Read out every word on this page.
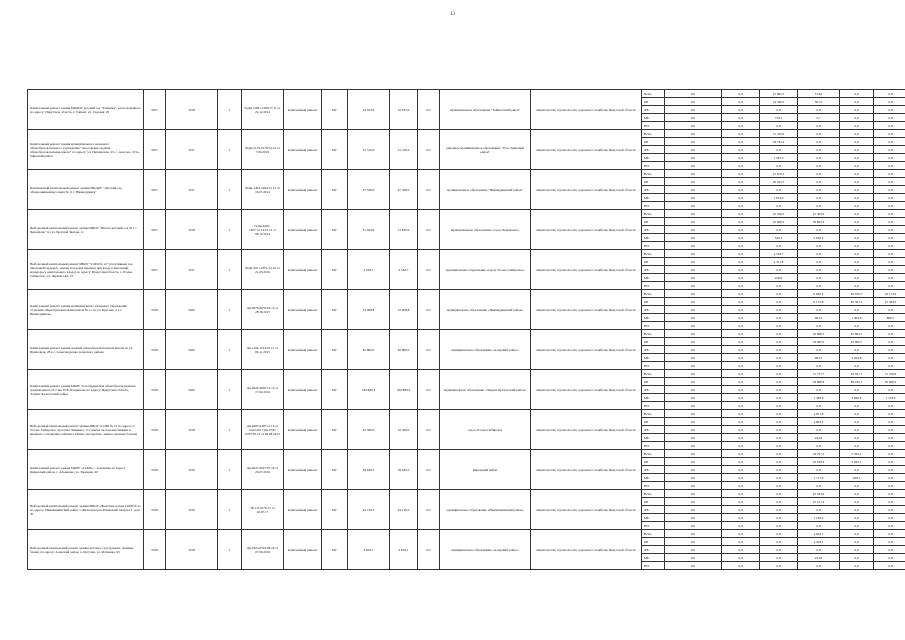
13
Капитальный ремонт здания МКДОУ детский сад "Ромашка", расположенного по адресу: Иркутская область, г. Тайшет, ул. Садовая, 95	2017	2018	х	№Ди-1580э-1580/17.11 от 22.12.2014	капитальный ремонт	МС	19 872,9	16 872,9	0%	муниципальное образование "Тайшетский район"	министерство строительства, дорожного хозяйства Иркутской области	Всего	0,0	0,0	15 691,3	513,0	0,0	0,0
												ОБ	0,0	0,0	14 346,2	507,2	0,0	0,0
												ФБ	0,0	0,0	0,0	0,0	0,0	0,0
												МБ	0,0	0,0	758,1	5,7	0,0	0,0
												ИИ	0,0	0,0	0,0	0,0	0,0	0,0
Капитальный ремонт здания муниципального казенного общеобразовательного учреждения "Аносовская средняя общеобразовательная школа" по адресу: ул. Пионерская, 23, с. Аносово, Усть-Удинский район	2017	2017	х	№Ди-0179-0179/12.12 от 7.06.2016	капитальный ремонт	МС	31 310,9	31 310,9	0%	районное муниципальное образование "Усть-Удинский район"	министерство строительства, дорожного хозяйства Иркутской области	Всего	0,0	0,0	31 310,9	0,0	0,0	0,0
												ОБ	0,0	0,0	29 745,4	0,0	0,0	0,0
												ФБ	0,0	0,0	0,0	0,0	0,0	0,0
												МБ	0,0	0,0	1 565,5	0,0	0,0	0,0
												ИИ	0,0	0,0	0,0	0,0	0,0	0,0
Комплексный капитальный ремонт здания МКДОУ "Детский сад общеразвивающего вида № 11 г. Нижнеудинск"	2017	2017	х	№Ди-1494-1494/12.13 от 16.05.2014	капитальный ремонт	МС	27 528,0	27 528,0	0%	муниципальное образование "Нижнеудинский район"	министерство строительства, дорожного хозяйства Иркутской области	Всего	0,0	0,0	21 679,5	0,0	0,0	0,0
												ОБ	0,0	0,0	20 025,3	0,0	0,0	0,0
												ФБ	0,0	0,0	0,0	0,0	0,0	0,0
												МБ	0,0	0,0	1 654,0	0,0	0,0	0,0
												ИИ	0,0	0,0	0,0	0,0	0,0	0,0
Выборочный капитальный ремонт здания МБОУ "Школа-детский сад № 1 г. Черемхово" по ул. Красной Звезды, 11	2017	2018	х	№Ди-1667-1667/12.14/12.13 от 08.12.2014	капитальный ремонт	МС	51 829,9	51 829,9	0%	муниципальное образование «город Черемхово»	министерство строительства, дорожного хозяйства Иркутской области	Всего	0,0	0,0	10 526,3	41 303,6	0,0	0,0
												ОБ	0,0	0,0	10 000,0	39 803,4	0,0	0,0
												ФБ	0,0	0,0	0,0	0,0	0,0	0,0
												МБ	0,0	0,0	526,3	2 030,2	0,0	0,0
												ИИ	0,0	0,0	0,0	0,0	0,0	0,0
Выборочный капитальный ремонт МБОУ "СОШ № 12" (спортивный зал, школьный гардероб, замена и отделка крыльца при входе в школьный, коридоры у центрального входа) по адресу: Иркутская область, г. Усолье-Сибирское, ул. Лермонтова, 21	2017	2017	х	№Ди-2971-2971/12.16 от 21.03.2016	капитальный ремонт	МС	4 538,7	4 538,7	0%	муниципальное образование «город Усолье-Сибирское»	министерство строительства, дорожного хозяйства Иркутской области	Всего	0,0	0,0	4 538,7	0,0	0,0	0,0
												ОБ	0,0	0,0	4 311,8	0,0	0,0	0,0
												ФБ	0,0	0,0	0,0	0,0	0,0	0,0
												МБ	0,0	0,0	226,9	0,0	0,0	0,0
												ИИ	0,0	0,0	0,0	0,0	0,0	0,0
Капитальный ремонт здания муниципального казенного учреждения «Средняя общеобразовательная школа № 1» по ул. Красная, 2 в г. Нижнеудинске	2018	2020	х	Ди-0976-0976/03.15 от 28.10.2015	капитальный ремонт	МС	53 908,8	53 908,8	0%	муниципальное образование «Нижнеудинский район»	министерство строительства, дорожного хозяйства Иркутской области	Всего	0,0	0,0	0,0	9 660,2	28 070,7	16 173,0
												ОБ	0,0	0,0	0,0	9 172,8	26 567,2	15 364,3
												ФБ	0,0	0,0	0,0	0,0	0,0	0,0
												МБ	0,0	0,0	0,0	482,4	1 403,6	808,7
												ИИ	0,0	0,0	0,0	0,0	0,0	0,0
Капитальный ремонт здания средней общеобразовательной школы по ул. Приходная, 28 в с. Александровка Аларского района	2018	2020	х	Ди-1194-1194/07.15 от 06.11.2015	капитальный ремонт	МС	65 860,0	65 860,0	0%	муниципальное образование «Аларский район»	министерство строительства, дорожного хозяйства Иркутской области	Всего	0,0	0,0	0,0	19 668,5	45 895,5	0,0
												ОБ	0,0	0,0	0,0	18 685,0	43 600,7	0,0
												ФБ	0,0	0,0	0,0	0,0	0,0	0,0
												МБ	0,0	0,0	0,0	983,5	2 294,8	0,0
												ИИ	0,0	0,0	0,0	0,0	0,0	0,0
Капитальный ремонт здания МБОУ Усть-Ордынская общеобразовательная средняя школа № 2 им. Н.В. Балдынова по адресу: Иркутская область, Эхирит-Булагатский район	2018	2020	х	Ди-2820-2820/12.13 от 17.02.2016	капитальный ремонт	МС	186 880,3	186 880,3	0%	муниципальное образование «Эхирит-Булагатский район»	министерство строительства, дорожного хозяйства Иркутской области	Всего	0,0	0,0	0,0	31 777,7	93 931,7	31 578,9
												ОБ	0,0	0,0	0,0	29 888,8	89 235,1	30 000,0
												ФБ	0,0	0,0	0,0	0,0	0,0	0,0
												МБ	0,0	0,0	0,0	1 588,9	4 696,6	1 578,9
												ИИ	0,0	0,0	0,0	0,0	0,0	0,0
Выборочный капитальный ремонт здания МБОУ «СОШ № 12 по адресу: г. Усолье-Сибирское, проспект Химиков, 17 (замена систем вентиляции и внешнего оснащения, кабинета химии, мастерских, замена оконных блоков)	2018	2018	х	Ди-0497-0497/11.16 от 13.02.2017 Ди-0787-0787/05.13 от 04.08.2013	капитальный ремонт	МС	10 560,0	10 560,0	0%	город Усолье-Сибирское	министерство строительства, дорожного хозяйства Иркутской области	Всего	0,0	0,0	0,0	4 851,8	0,0	0,0
												ОБ	0,0	0,0	0,0	4 609,2	0,0	0,0
												ФБ	0,0	0,0	0,0	0,0	0,0	0,0
												МБ	0,0	0,0	0,0	242,6	0,0	0,0
												ИИ	0,0	0,0	0,0	0,0	0,0	0,0
Капитальный ремонт здания МКОУ «СОШ» с. Аласкины по адресу Киренский район, с. Алымовка, ул. Зарецкая, 40	2018	2019	х	Ди-0027-0027/07.16 от 26.07.2016	капитальный ремонт	МС	39 620,5	39 620,5	0%	Киренский район	министерство строительства, дорожного хозяйства Иркутской области	Всего	0,0	0,0	0,0	34 257,3	5 363,2	0,0
												ОБ	0,0	0,0	0,0	32 539,4	5 095,1	0,0
												ФБ	0,0	0,0	0,0	0,0	0,0	0,0
												МБ	0,0	0,0	0,0	1 717,9	268,1	0,0
												ИИ	0,0	0,0	0,0	0,0	0,0	0,0
Выборочный капитальный ремонт здания МБОУ «Железногорская СОШ № 2» по адресу: Нижнеилимский район, г. Железногорск-Илимский, квартал 1, дом 45	2018	2019	х	38-1-6-0178-17 от 20.07.17	капитальный ремонт	МС	24 218,3	24 218,3	0%	муниципальное образование «Нижнеилимский район»	министерство строительства, дорожного хозяйства Иркутской области	Всего	0,0	0,0	0,0	23 323,6	0,0	0,0
												ОБ	0,0	0,0	0,0	22 157,4	0,0	0,0
												ФБ	0,0	0,0	0,0	0,0	0,0	0,0
												МБ	0,0	0,0	0,0	1 166,2	0,0	0,0
												ИИ	0,0	0,0	0,0	0,0	0,0	0,0
Выборочный капитальный ремонт здания детского сада (ремонт, оконные блоки) по адресу: Аларский район, п. Кутулик, ул. Матвеева, 43	2018	2018	х	Ди-0323-0323/08.16 от 07.09.2016	капитальный ремонт	МС	4 659,1	4 659,1	0%	муниципальное образование «Аларский район»	министерство строительства, дорожного хозяйства Иркутской области	Всего	0,0	0,0	0,0	4 659,1	0,0	0,0
												ОБ	0,0	0,0	0,0	4 426,1	0,0	0,0
												ФБ	0,0	0,0	0,0	0,0	0,0	0,0
												МБ	0,0	0,0	0,0	233,0	0,0	0,0
												ИИ	0,0	0,0	0,0	0,0	0,0	0,0
